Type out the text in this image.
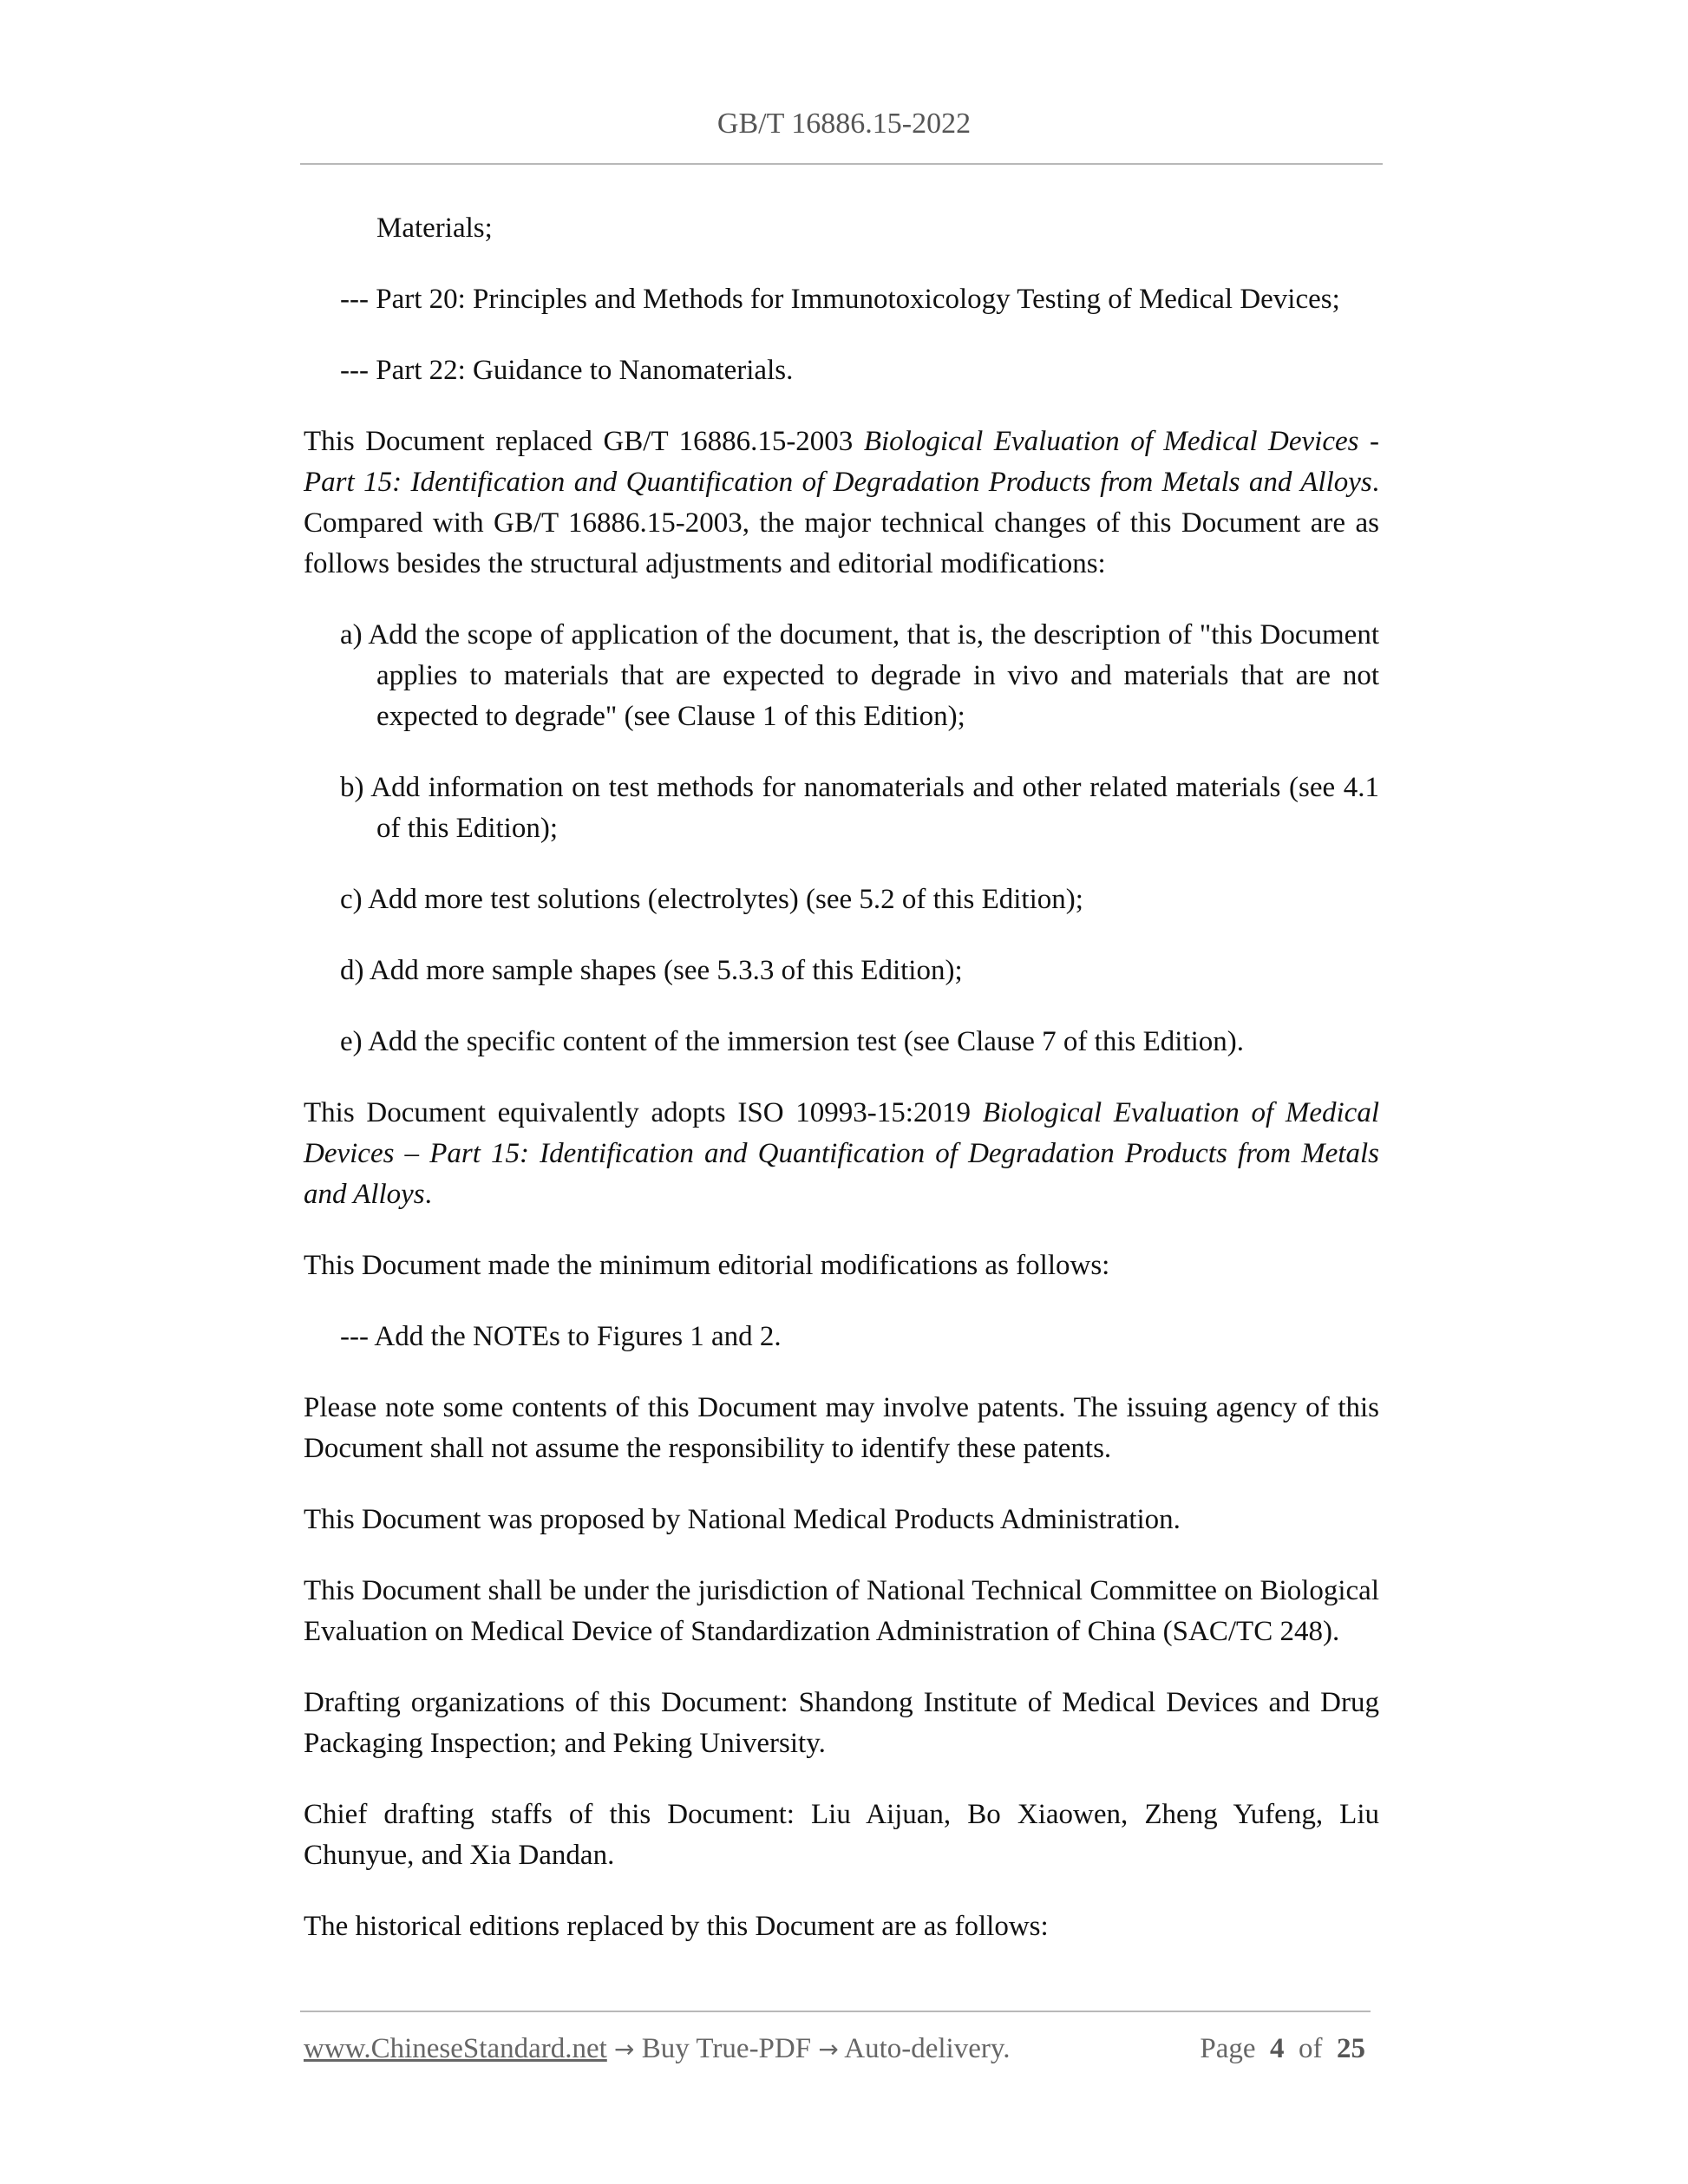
GB/T 16886.15-2022

Materials;

--- Part 20: Principles and Methods for Immunotoxicology Testing of Medical Devices;

--- Part 22: Guidance to Nanomaterials.

This Document replaced GB/T 16886.15-2003 Biological Evaluation of Medical Devices - Part 15: Identification and Quantification of Degradation Products from Metals and Alloys. Compared with GB/T 16886.15-2003, the major technical changes of this Document are as follows besides the structural adjustments and editorial modifications:

a) Add the scope of application of the document, that is, the description of "this Document applies to materials that are expected to degrade in vivo and materials that are not expected to degrade" (see Clause 1 of this Edition);

b) Add information on test methods for nanomaterials and other related materials (see 4.1 of this Edition);

c) Add more test solutions (electrolytes) (see 5.2 of this Edition);

d) Add more sample shapes (see 5.3.3 of this Edition);

e) Add the specific content of the immersion test (see Clause 7 of this Edition).

This Document equivalently adopts ISO 10993-15:2019 Biological Evaluation of Medical Devices – Part 15: Identification and Quantification of Degradation Products from Metals and Alloys.

This Document made the minimum editorial modifications as follows:

--- Add the NOTEs to Figures 1 and 2.

Please note some contents of this Document may involve patents. The issuing agency of this Document shall not assume the responsibility to identify these patents.

This Document was proposed by National Medical Products Administration.

This Document shall be under the jurisdiction of National Technical Committee on Biological Evaluation on Medical Device of Standardization Administration of China (SAC/TC 248).

Drafting organizations of this Document: Shandong Institute of Medical Devices and Drug Packaging Inspection; and Peking University.

Chief drafting staffs of this Document: Liu Aijuan, Bo Xiaowen, Zheng Yufeng, Liu Chunyue, and Xia Dandan.

The historical editions replaced by this Document are as follows:

www.ChineseStandard.net → Buy True-PDF → Auto-delivery.	Page 4 of 25
